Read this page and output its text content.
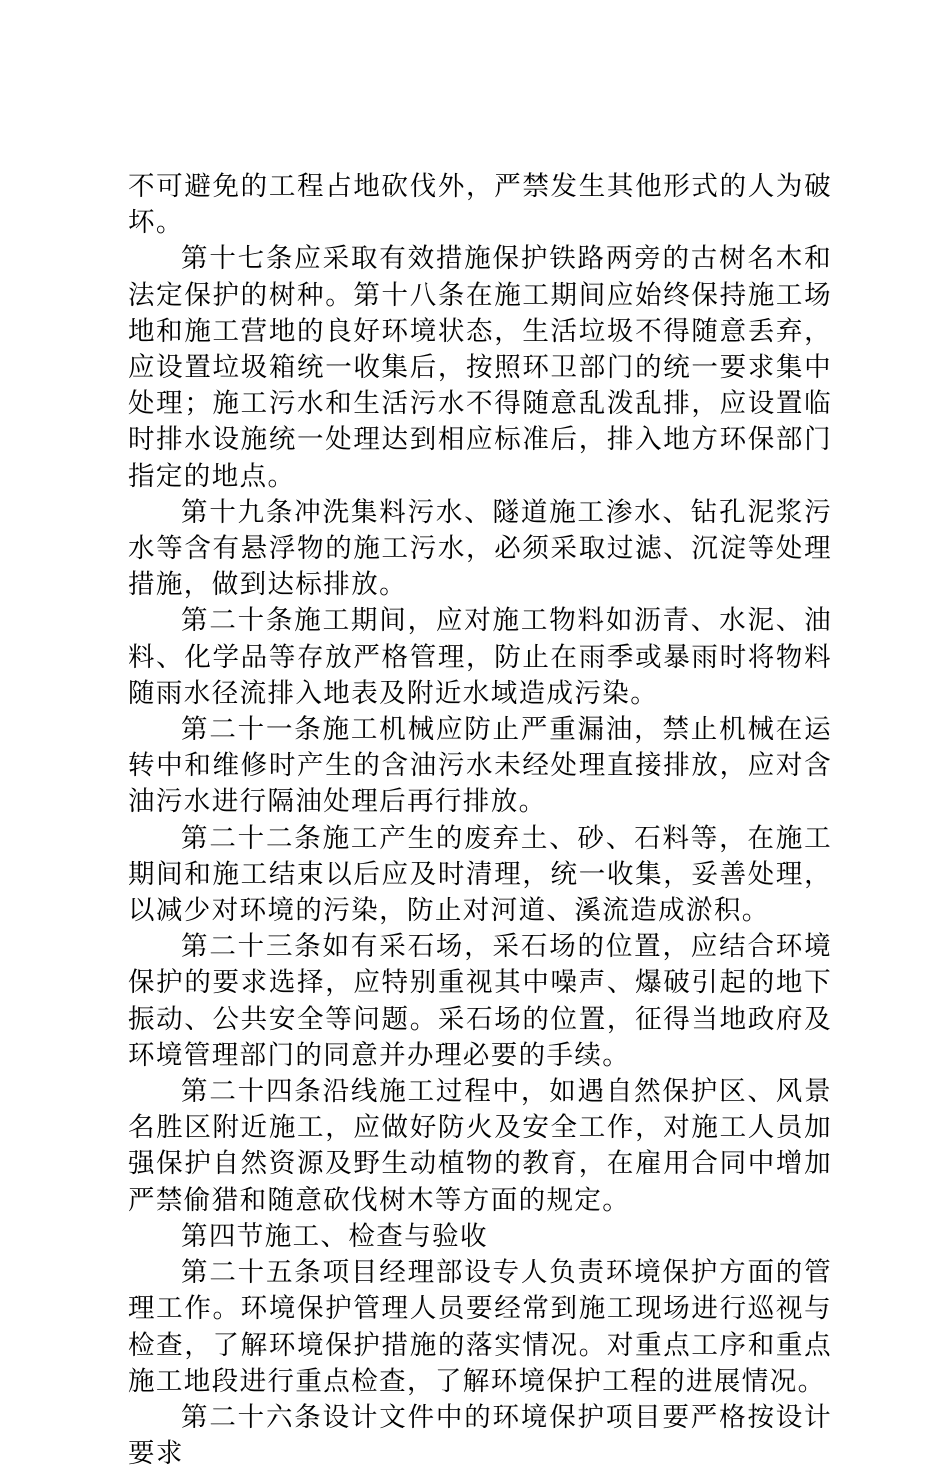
不可避免的工程占地砍伐外，严禁发生其他形式的人为破坏。

第十七条应采取有效措施保护铁路两旁的古树名木和法定保护的树种。第十八条在施工期间应始终保持施工场地和施工营地的良好环境状态，生活垃圾不得随意丢弃，应设置垃圾箱统一收集后，按照环卫部门的统一要求集中处理；施工污水和生活污水不得随意乱泼乱排，应设置临时排水设施统一处理达到相应标准后，排入地方环保部门指定的地点。

第十九条冲洗集料污水、隧道施工渗水、钻孔泥浆污水等含有悬浮物的施工污水，必须采取过滤、沉淀等处理措施，做到达标排放。

第二十条施工期间，应对施工物料如沥青、水泥、油料、化学品等存放严格管理，防止在雨季或暴雨时将物料随雨水径流排入地表及附近水域造成污染。

第二十一条施工机械应防止严重漏油，禁止机械在运转中和维修时产生的含油污水未经处理直接排放，应对含油污水进行隔油处理后再行排放。

第二十二条施工产生的废弃土、砂、石料等，在施工期间和施工结束以后应及时清理，统一收集，妥善处理，以减少对环境的污染，防止对河道、溪流造成淤积。

第二十三条如有采石场，采石场的位置，应结合环境保护的要求选择，应特别重视其中噪声、爆破引起的地下振动、公共安全等问题。采石场的位置，征得当地政府及环境管理部门的同意并办理必要的手续。

第二十四条沿线施工过程中，如遇自然保护区、风景名胜区附近施工，应做好防火及安全工作，对施工人员加强保护自然资源及野生动植物的教育，在雇用合同中增加严禁偷猎和随意砍伐树木等方面的规定。

第四节施工、检查与验收

第二十五条项目经理部设专人负责环境保护方面的管理工作。环境保护管理人员要经常到施工现场进行巡视与检查，了解环境保护措施的落实情况。对重点工序和重点施工地段进行重点检查，了解环境保护工程的进展情况。

第二十六条设计文件中的环境保护项目要严格按设计要求
